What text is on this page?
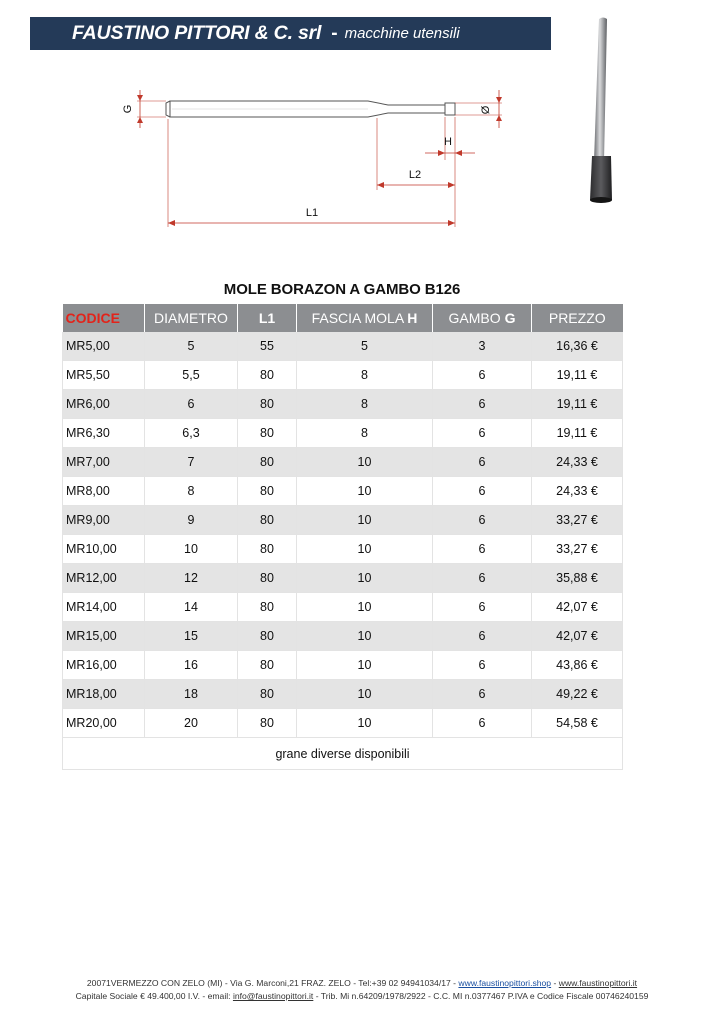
FAUSTINO PITTORI & C. srl - macchine utensili
G	Ø
H
L2
L1
MOLE BORAZON A GAMBO B126
CODICE	DIAMETRO	L1	FASCIA MOLA H	GAMBO G	PREZZO
MR5,00	5	55	5	3	16,36 €
MR5,50	5,5	80	8	6	19,11 €
MR6,00	6	80	8	6	19,11 €
MR6,30	6,3	80	8	6	19,11 €
MR7,00	7	80	10	6	24,33 €
MR8,00	8	80	10	6	24,33 €
MR9,00	9	80	10	6	33,27 €
MR10,00	10	80	10	6	33,27 €
MR12,00	12	80	10	6	35,88 €
MR14,00	14	80	10	6	42,07 €
MR15,00	15	80	10	6	42,07 €
MR16,00	16	80	10	6	43,86 €
MR18,00	18	80	10	6	49,22 €
MR20,00	20	80	10	6	54,58 €
grane diverse disponibili					
20071VERMEZZO CON ZELO (MI) - Via G. Marconi,21 FRAZ. ZELO - Tel:+39 02 94941034/17 - www.faustinopittori.shop - www.faustinopittori.it
Capitale Sociale € 49.400,00 I.V. - email: info@faustinopittori.it - Trib. Mi n.64209/1978/2922 - C.C. MI n.0377467 P.IVA e Codice Fiscale 00746240159
